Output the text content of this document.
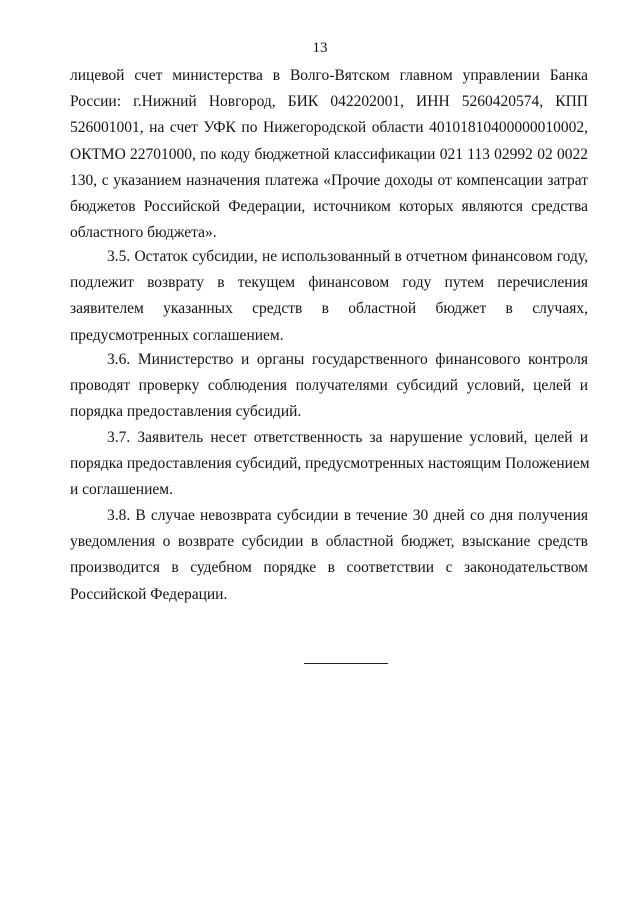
13
лицевой счет министерства в Волго-Вятском главном управлении Банка
России: г.Нижний Новгород, БИК 042202001, ИНН 5260420574, КПП
526001001, на счет УФК по Нижегородской области 40101810400000010002,
ОКТМО 22701000, по коду бюджетной классификации 021 113 02992 02 0022
130, с указанием назначения платежа «Прочие доходы от компенсации затрат
бюджетов Российской Федерации, источником которых являются средства
областного бюджета».
3.5. Остаток субсидии, не использованный в отчетном финансовом году,
подлежит возврату в текущем финансовом году путем перечисления
заявителем указанных средств в областной бюджет в случаях,
предусмотренных соглашением.
3.6. Министерство и органы государственного финансового контроля
проводят проверку соблюдения получателями субсидий условий, целей и
порядка предоставления субсидий.
3.7. Заявитель несет ответственность за нарушение условий, целей и
порядка предоставления субсидий, предусмотренных настоящим Положением
и соглашением.
3.8. В случае невозврата субсидии в течение 30 дней со дня получения
уведомления о возврате субсидии в областной бюджет, взыскание средств
производится в судебном порядке в соответствии с законодательством
Российской Федерации.
